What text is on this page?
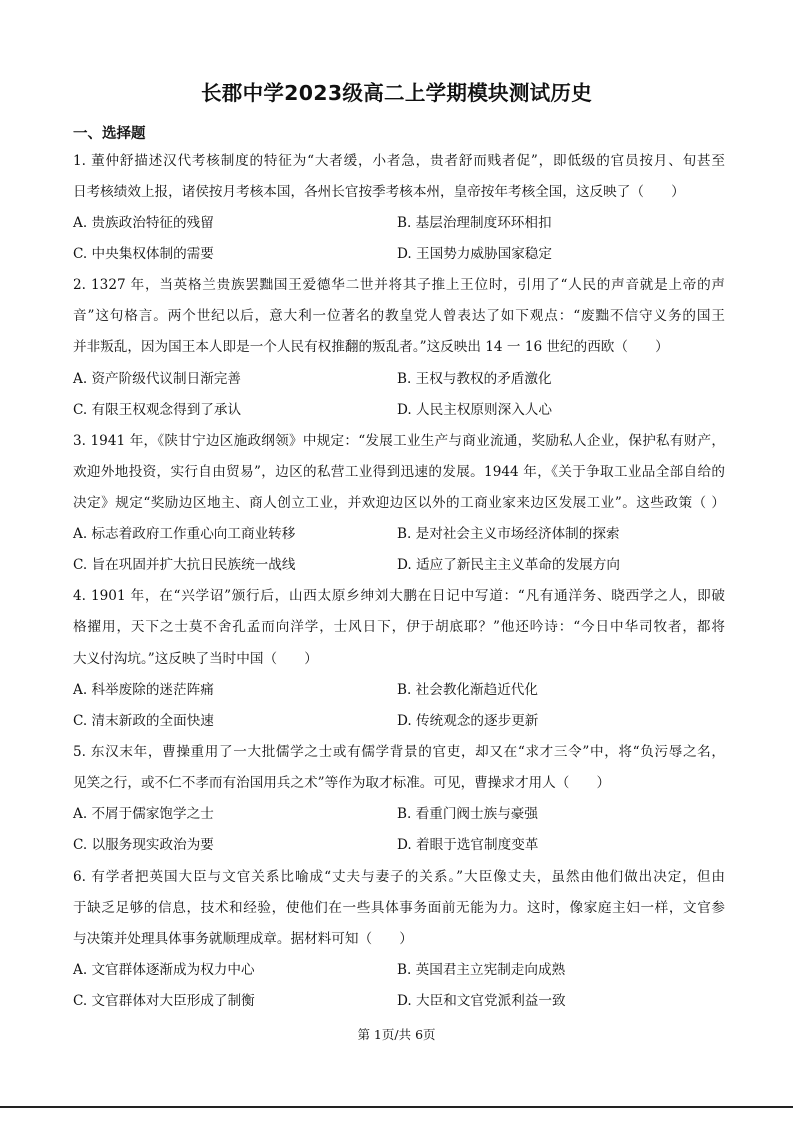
长郡中学2023级高二上学期模块测试历史
一、选择题
1. 董仲舒描述汉代考核制度的特征为“大者缓，小者急，贵者舒而贱者促”，即低级的官员按月、旬甚至
日考核绩效上报，诸侯按月考核本国，各州长官按季考核本州，皇帝按年考核全国，这反映了（　　）
A. 贵族政治特征的残留	B. 基层治理制度环环相扣
C. 中央集权体制的需要	D. 王国势力威胁国家稳定
2. 1327 年，当英格兰贵族罢黜国王爱德华二世并将其子推上王位时，引用了“人民的声音就是上帝的声
音”这句格言。两个世纪以后，意大利一位著名的教皇党人曾表达了如下观点：“废黜不信守义务的国王
并非叛乱，因为国王本人即是一个人民有权推翻的叛乱者。”这反映出 14 一 16 世纪的西欧（　　）
A. 资产阶级代议制日渐完善	B. 王权与教权的矛盾激化
C. 有限王权观念得到了承认	D. 人民主权原则深入人心
3. 1941 年，《陕甘宁边区施政纲领》中规定：“发展工业生产与商业流通，奖励私人企业，保护私有财产，
欢迎外地投资，实行自由贸易”，边区的私营工业得到迅速的发展。1944 年，《关于争取工业品全部自给的
决定》规定“奖励边区地主、商人创立工业，并欢迎边区以外的工商业家来边区发展工业”。这些政策（ ）
A. 标志着政府工作重心向工商业转移	B. 是对社会主义市场经济体制的探索
C. 旨在巩固并扩大抗日民族统一战线	D. 适应了新民主主义革命的发展方向
4. 1901 年，在“兴学诏”颁行后，山西太原乡绅刘大鹏在日记中写道：“凡有通洋务、晓西学之人，即破
格擢用，天下之士莫不舍孔孟而向洋学，士风日下，伊于胡底耶？”他还吟诗：“今日中华司牧者，都将
大义付沟坑。”这反映了当时中国（　　）
A. 科举废除的迷茫阵痛	B. 社会教化渐趋近代化
C. 清末新政的全面快速	D. 传统观念的逐步更新
5. 东汉末年，曹操重用了一大批儒学之士或有儒学背景的官吏，却又在“求才三令”中，将“负污辱之名，
见笑之行，或不仁不孝而有治国用兵之术”等作为取才标准。可见，曹操求才用人（　　）
A. 不屑于儒家饱学之士	B. 看重门阀士族与豪强
C. 以服务现实政治为要	D. 着眼于选官制度变革
6. 有学者把英国大臣与文官关系比喻成“丈夫与妻子的关系。”大臣像丈夫，虽然由他们做出决定，但由
于缺乏足够的信息，技术和经验，使他们在一些具体事务面前无能为力。这时，像家庭主妇一样，文官参
与决策并处理具体事务就顺理成章。据材料可知（　　）
A. 文官群体逐渐成为权力中心	B. 英国君主立宪制走向成熟
C. 文官群体对大臣形成了制衡	D. 大臣和文官党派利益一致
第 1页/共 6页
